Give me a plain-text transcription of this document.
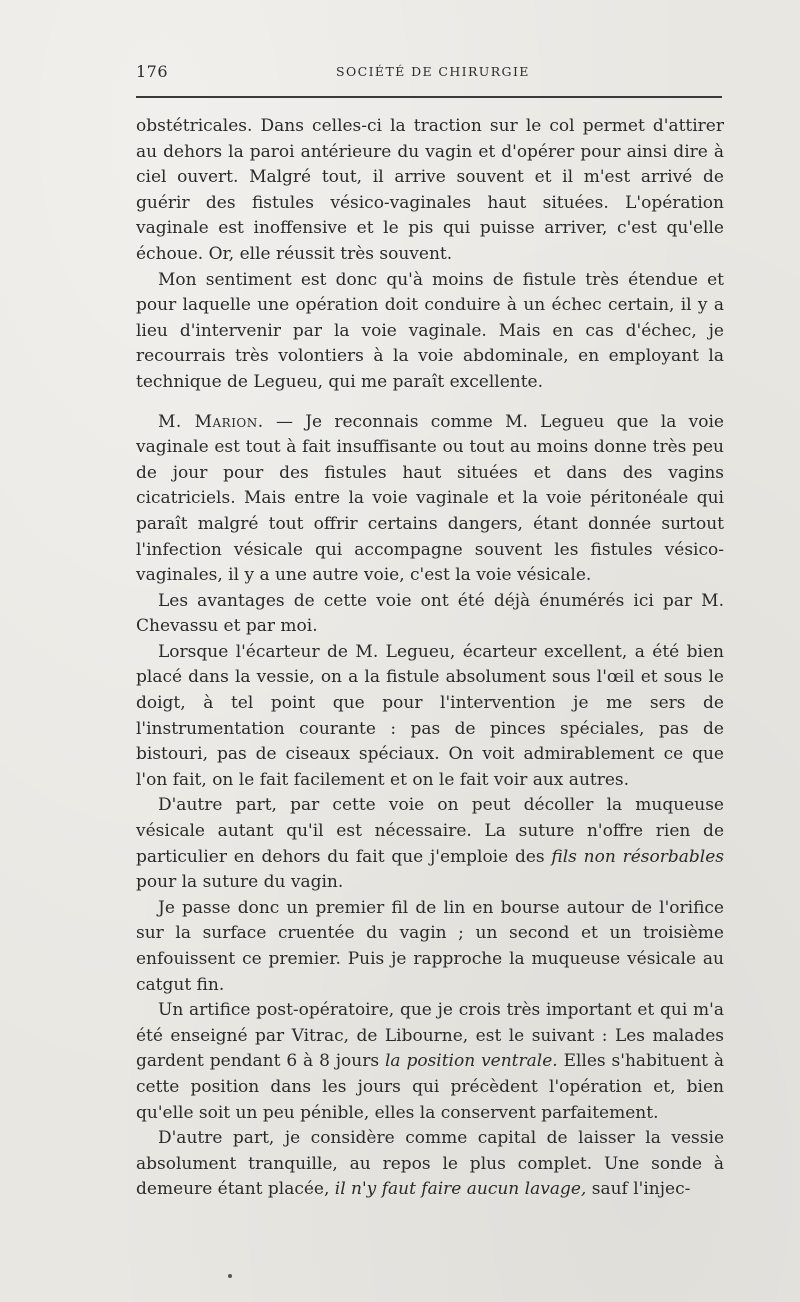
176	SOCIÉTÉ DE CHIRURGIE

obstétricales. Dans celles-ci la traction sur le col permet d'attirer au dehors la paroi antérieure du vagin et d'opérer pour ainsi dire à ciel ouvert. Malgré tout, il arrive souvent et il m'est arrivé de guérir des fistules vésico-vaginales haut situées. L'opération vaginale est inoffensive et le pis qui puisse arriver, c'est qu'elle échoue. Or, elle réussit très souvent.

Mon sentiment est donc qu'à moins de fistule très étendue et pour laquelle une opération doit conduire à un échec certain, il y a lieu d'intervenir par la voie vaginale. Mais en cas d'échec, je recourrais très volontiers à la voie abdominale, en employant la technique de Legueu, qui me paraît excellente.

M. Marion. — Je reconnais comme M. Legueu que la voie vaginale est tout à fait insuffisante ou tout au moins donne très peu de jour pour des fistules haut situées et dans des vagins cicatriciels. Mais entre la voie vaginale et la voie péritonéale qui paraît malgré tout offrir certains dangers, étant donnée surtout l'infection vésicale qui accompagne souvent les fistules vésico-vaginales, il y a une autre voie, c'est la voie vésicale.

Les avantages de cette voie ont été déjà énumérés ici par M. Chevassu et par moi.

Lorsque l'écarteur de M. Legueu, écarteur excellent, a été bien placé dans la vessie, on a la fistule absolument sous l'œil et sous le doigt, à tel point que pour l'intervention je me sers de l'instrumentation courante : pas de pinces spéciales, pas de bistouri, pas de ciseaux spéciaux. On voit admirablement ce que l'on fait, on le fait facilement et on le fait voir aux autres.

D'autre part, par cette voie on peut décoller la muqueuse vésicale autant qu'il est nécessaire. La suture n'offre rien de particulier en dehors du fait que j'emploie des fils non résorbables pour la suture du vagin.

Je passe donc un premier fil de lin en bourse autour de l'orifice sur la surface cruentée du vagin ; un second et un troisième enfouissent ce premier. Puis je rapproche la muqueuse vésicale au catgut fin.

Un artifice post-opératoire, que je crois très important et qui m'a été enseigné par Vitrac, de Libourne, est le suivant : Les malades gardent pendant 6 à 8 jours la position ventrale. Elles s'habituent à cette position dans les jours qui précèdent l'opération et, bien qu'elle soit un peu pénible, elles la conservent parfaitement.

D'autre part, je considère comme capital de laisser la vessie absolument tranquille, au repos le plus complet. Une sonde à demeure étant placée, il n'y faut faire aucun lavage, sauf l'injec-
